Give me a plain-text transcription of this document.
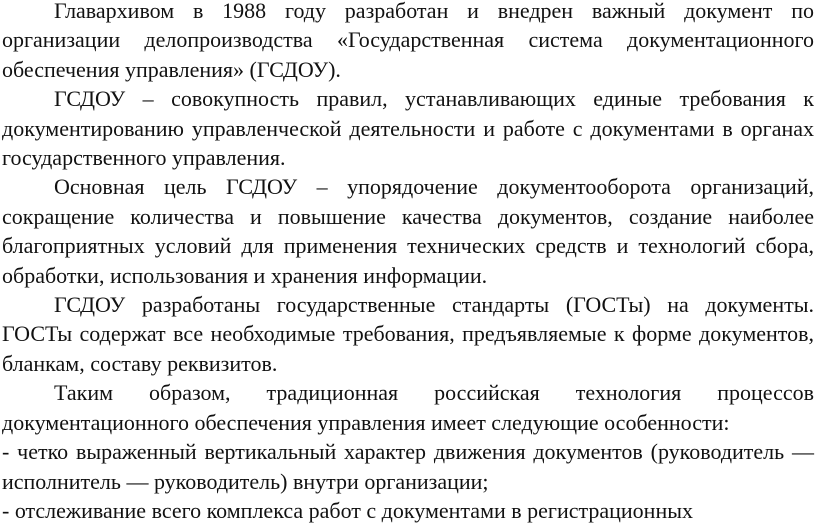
Главархивом в 1988 году разработан и внедрен важный документ по организации делопроизводства «Государственная система документационного обеспечения управления» (ГСДОУ).

ГСДОУ – совокупность правил, устанавливающих единые требования к документированию управленческой деятельности и работе с документами в органах государственного управления.

Основная цель ГСДОУ – упорядочение документооборота организаций, сокращение количества и повышение качества документов, создание наиболее благоприятных условий для применения технических средств и технологий сбора, обработки, использования и хранения информации.

ГСДОУ разработаны государственные стандарты (ГОСТы) на документы. ГОСТы содержат все необходимые требования, предъявляемые к форме документов, бланкам, составу реквизитов.

Таким образом, традиционная российская технология процессов документационного обеспечения управления имеет следующие особенности:

- четко выраженный вертикальный характер движения документов (руководитель — исполнитель — руководитель) внутри организации;

- отслеживание всего комплекса работ с документами в регистрационных
